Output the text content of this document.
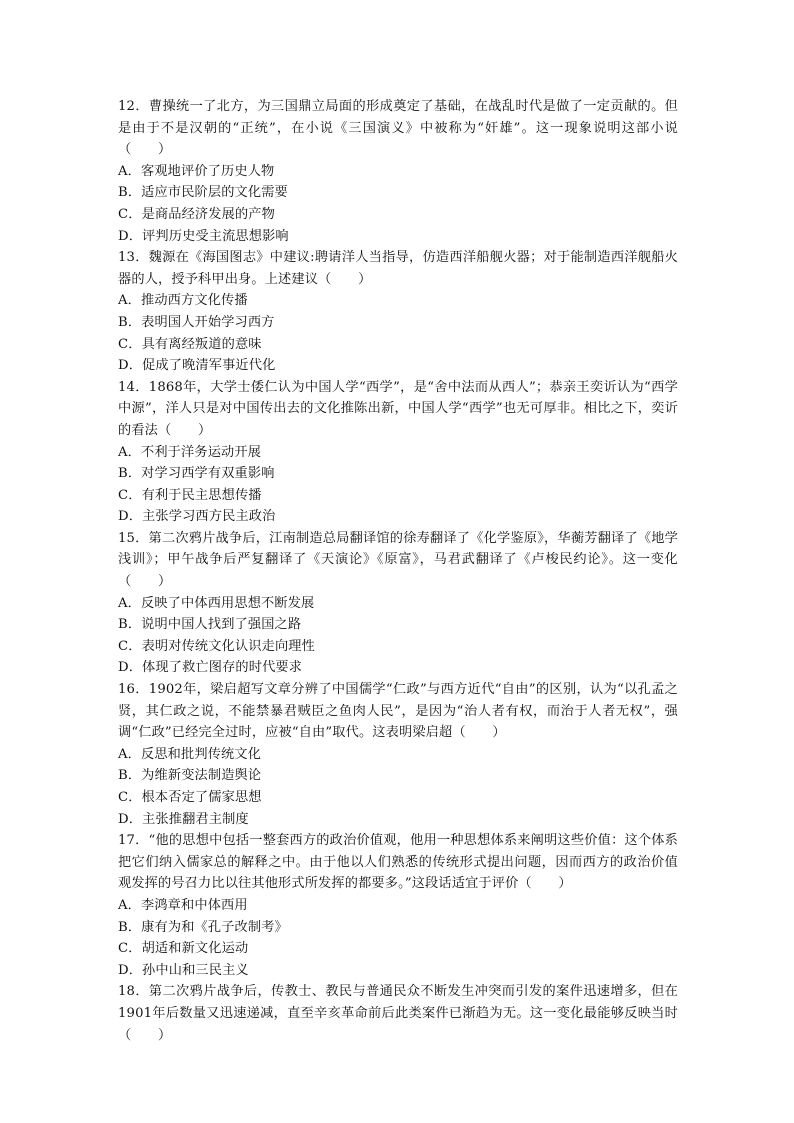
12．曹操统一了北方，为三国鼎立局面的形成奠定了基础，在战乱时代是做了一定贡献的。但是由于不是汉朝的“正统”，在小说《三国演义》中被称为“奸雄”。这一现象说明这部小说（　　）

A．客观地评价了历史人物
B．适应市民阶层的文化需要
C．是商品经济发展的产物
D．评判历史受主流思想影响

13．魏源在《海国图志》中建议:聘请洋人当指导，仿造西洋船舰火器；对于能制造西洋舰船火器的人，授予科甲出身。上述建议（　　）

A．推动西方文化传播
B．表明国人开始学习西方
C．具有离经叛道的意味
D．促成了晚清军事近代化

14．1868年，大学士倭仁认为中国人学“西学”，是“舍中法而从西人”；恭亲王奕䜣认为“西学中源”，洋人只是对中国传出去的文化推陈出新，中国人学“西学”也无可厚非。相比之下，奕䜣的看法（　　）

A．不利于洋务运动开展
B．对学习西学有双重影响
C．有利于民主思想传播
D．主张学习西方民主政治

15．第二次鸦片战争后，江南制造总局翻译馆的徐寿翻译了《化学鉴原》，华蘅芳翻译了《地学浅训》；甲午战争后严复翻译了《天演论》《原富》，马君武翻译了《卢梭民约论》。这一变化（　　）

A．反映了中体西用思想不断发展
B．说明中国人找到了强国之路
C．表明对传统文化认识走向理性
D．体现了救亡图存的时代要求

16．1902年，梁启超写文章分辨了中国儒学“仁政”与西方近代“自由”的区别，认为“以孔孟之贤，其仁政之说，不能禁暴君贼臣之鱼肉人民”，是因为“治人者有权，而治于人者无权”，强调“仁政”已经完全过时，应被“自由”取代。这表明梁启超（　　）

A．反思和批判传统文化
B．为维新变法制造舆论
C．根本否定了儒家思想
D．主张推翻君主制度

17．“他的思想中包括一整套西方的政治价值观，他用一种思想体系来阐明这些价值：这个体系把它们纳入儒家总的解释之中。由于他以人们熟悉的传统形式提出问题，因而西方的政治价值观发挥的号召力比以往其他形式所发挥的都要多。”这段话适宜于评价（　　）

A．李鸿章和中体西用
B．康有为和《孔子改制考》
C．胡适和新文化运动
D．孙中山和三民主义

18．第二次鸦片战争后，传教士、教民与普通民众不断发生冲突而引发的案件迅速增多，但在1901年后数量又迅速递减，直至辛亥革命前后此类案件已渐趋为无。这一变化最能够反映当时（　　）
